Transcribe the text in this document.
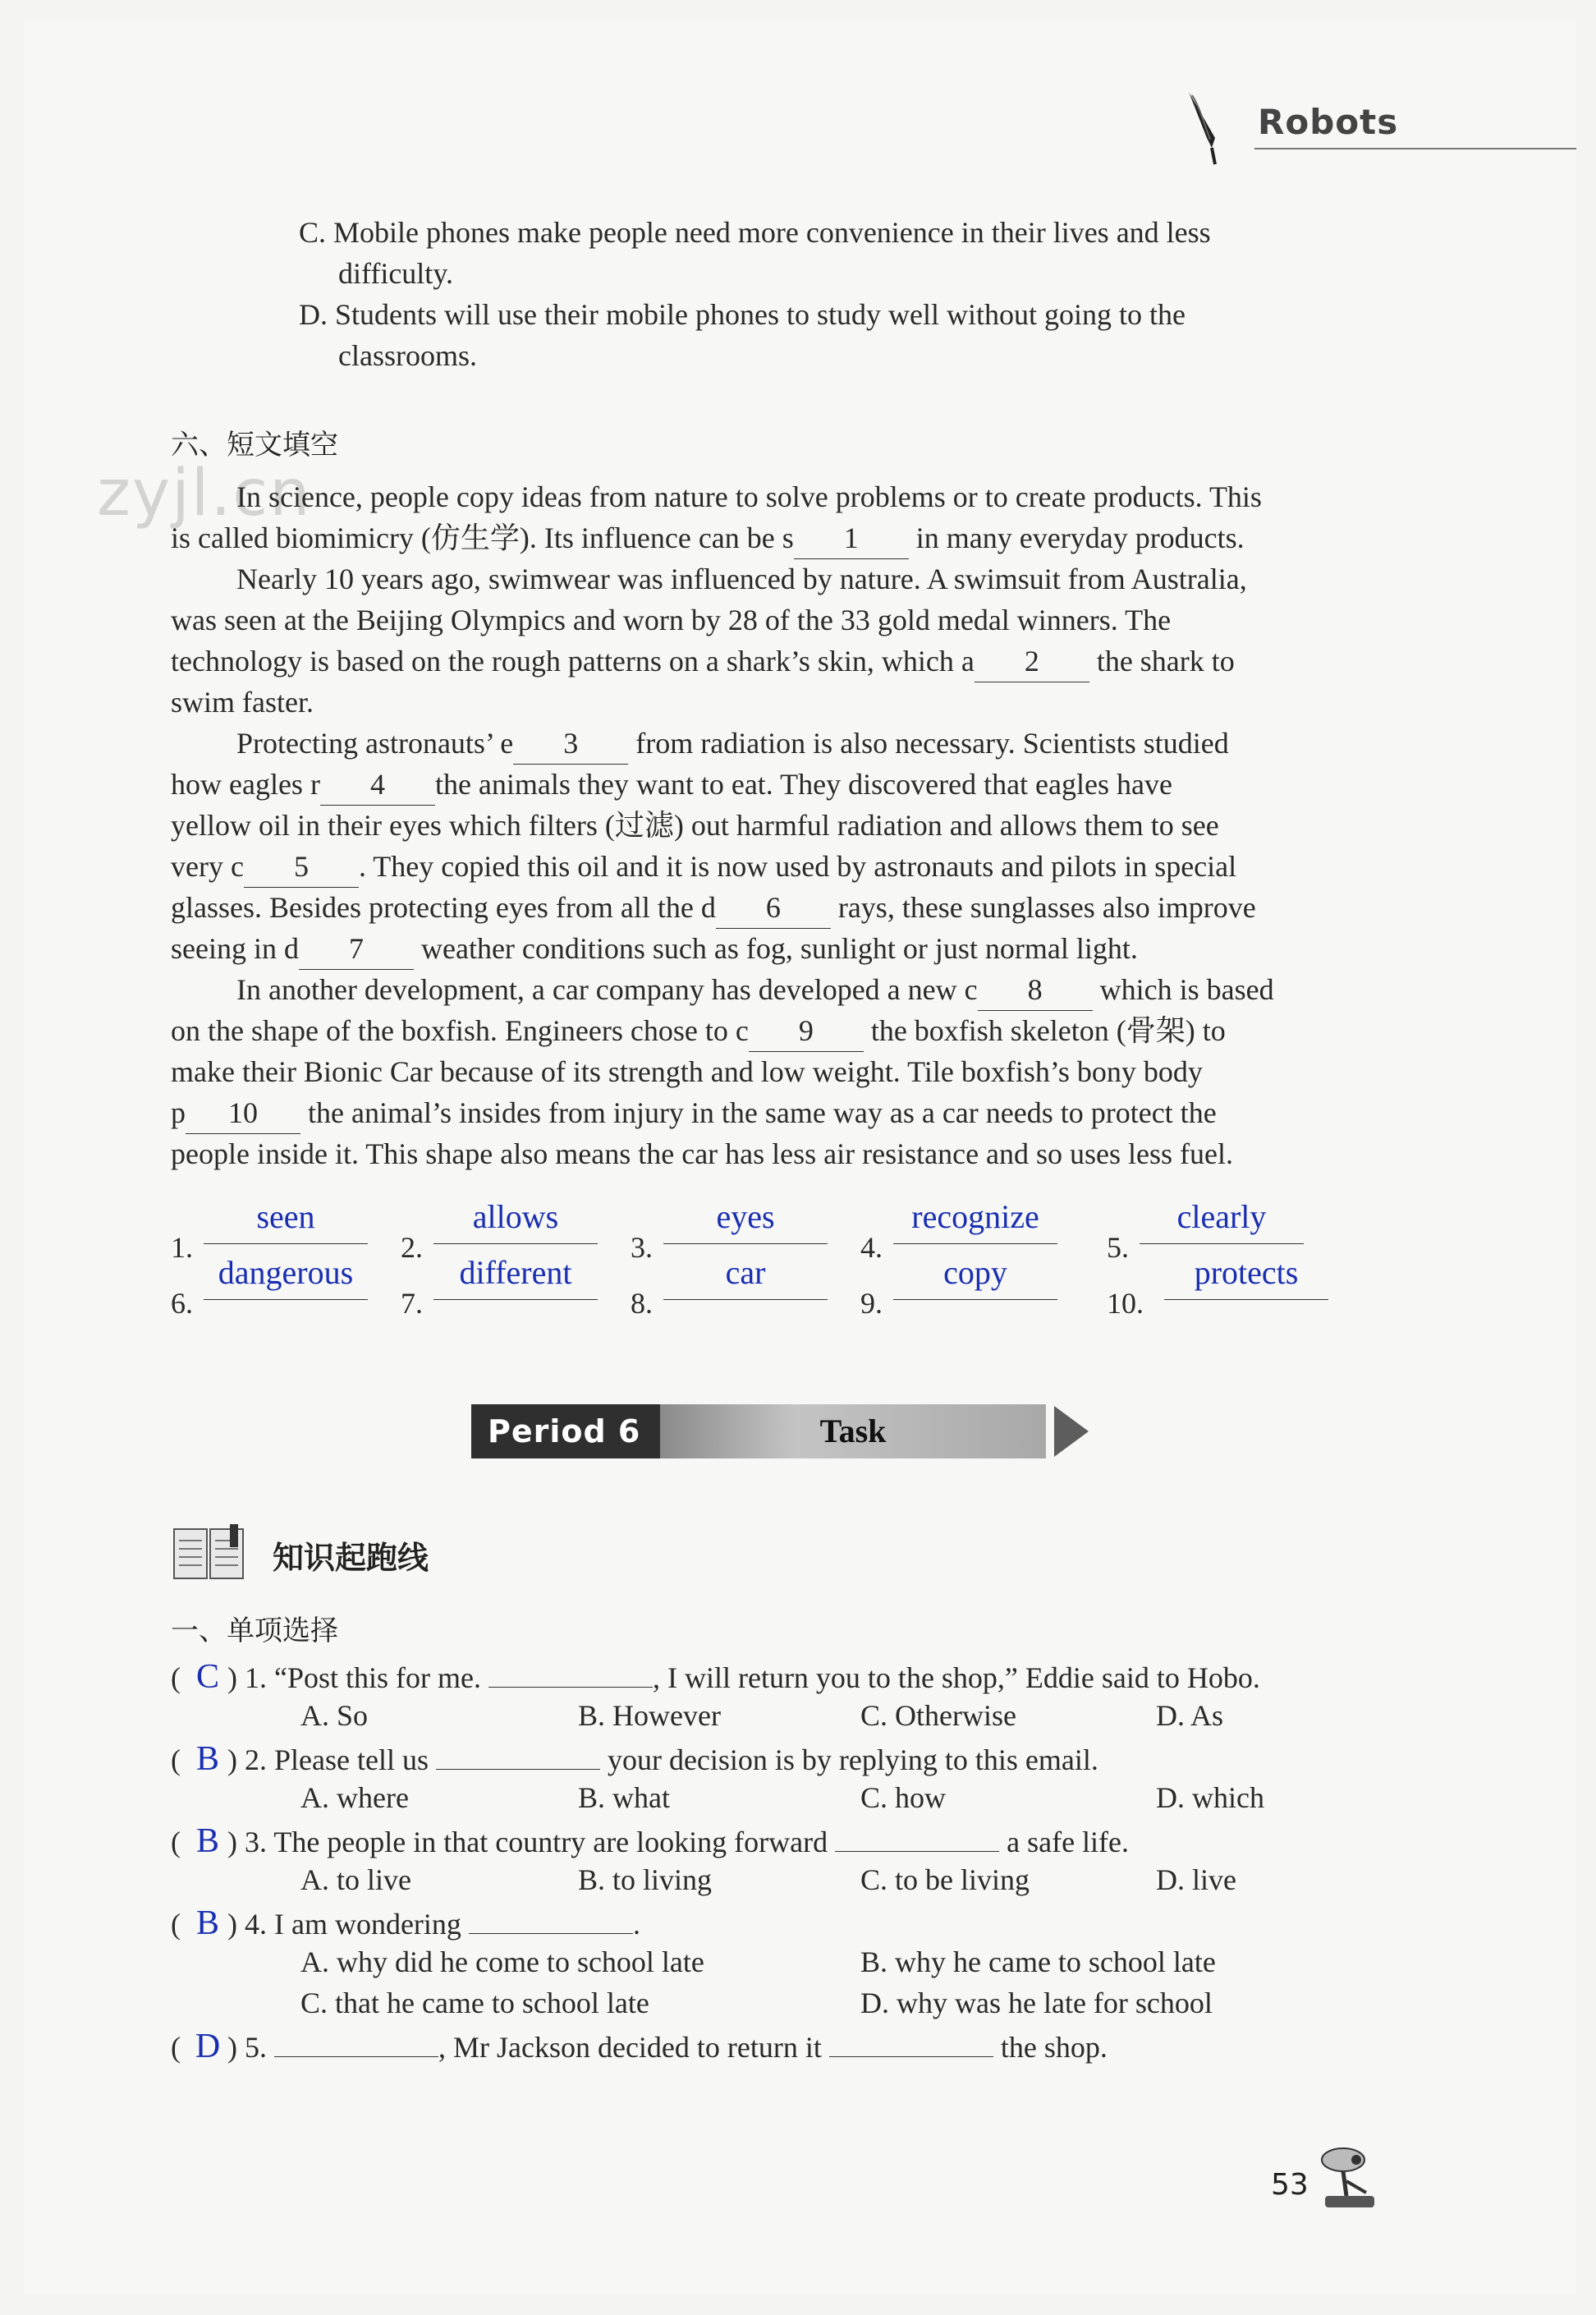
Robots
C. Mobile phones make people need more convenience in their lives and less
difficulty.
D. Students will use their mobile phones to study well without going to the
classrooms.
六、短文填空
zyjl.cn
In science, people copy ideas from nature to solve problems or to create products. This
is called biomimicry (仿生学). Its influence can be s 1 in many everyday products.
Nearly 10 years ago, swimwear was influenced by nature. A swimsuit from Australia,
was seen at the Beijing Olympics and worn by 28 of the 33 gold medal winners. The
technology is based on the rough patterns on a shark’s skin, which a 2 the shark to
swim faster.
Protecting astronauts’ e 3 from radiation is also necessary. Scientists studied
how eagles r 4 the animals they want to eat. They discovered that eagles have
yellow oil in their eyes which filters (过滤) out harmful radiation and allows them to see
very c 5 . They copied this oil and it is now used by astronauts and pilots in special
glasses. Besides protecting eyes from all the d 6 rays, these sunglasses also improve
seeing in d 7 weather conditions such as fog, sunlight or just normal light.
In another development, a car company has developed a new c 8 which is based
on the shape of the boxfish. Engineers chose to c 9 the boxfish skeleton (骨架) to
make their Bionic Car because of its strength and low weight. Tile boxfish’s bony body
p 10 the animal’s insides from injury in the same way as a car needs to protect the
people inside it. This shape also means the car has less air resistance and so uses less fuel.
1.
seen
2.
allows
3.
eyes
4.
recognize
5.
clearly
6.
dangerous
7.
different
8.
car
9.
copy
10.
protects
Period 6	Task
知识起跑线
一、单项选择
( C ) 1. “Post this for me.	, I will return you to the shop,” Eddie said to Hobo.
A. So	B. However	C. Otherwise	D. As
( B ) 2. Please tell us	your decision is by replying to this email.
A. where	B. what	C. how	D. which
( B ) 3. The people in that country are looking forward	a safe life.
A. to live	B. to living	C. to be living	D. live
( B ) 4. I am wondering	.
A. why did he come to school late	B. why he came to school late
C. that he came to school late	D. why was he late for school
( D ) 5.	, Mr Jackson decided to return it	the shop.
53
